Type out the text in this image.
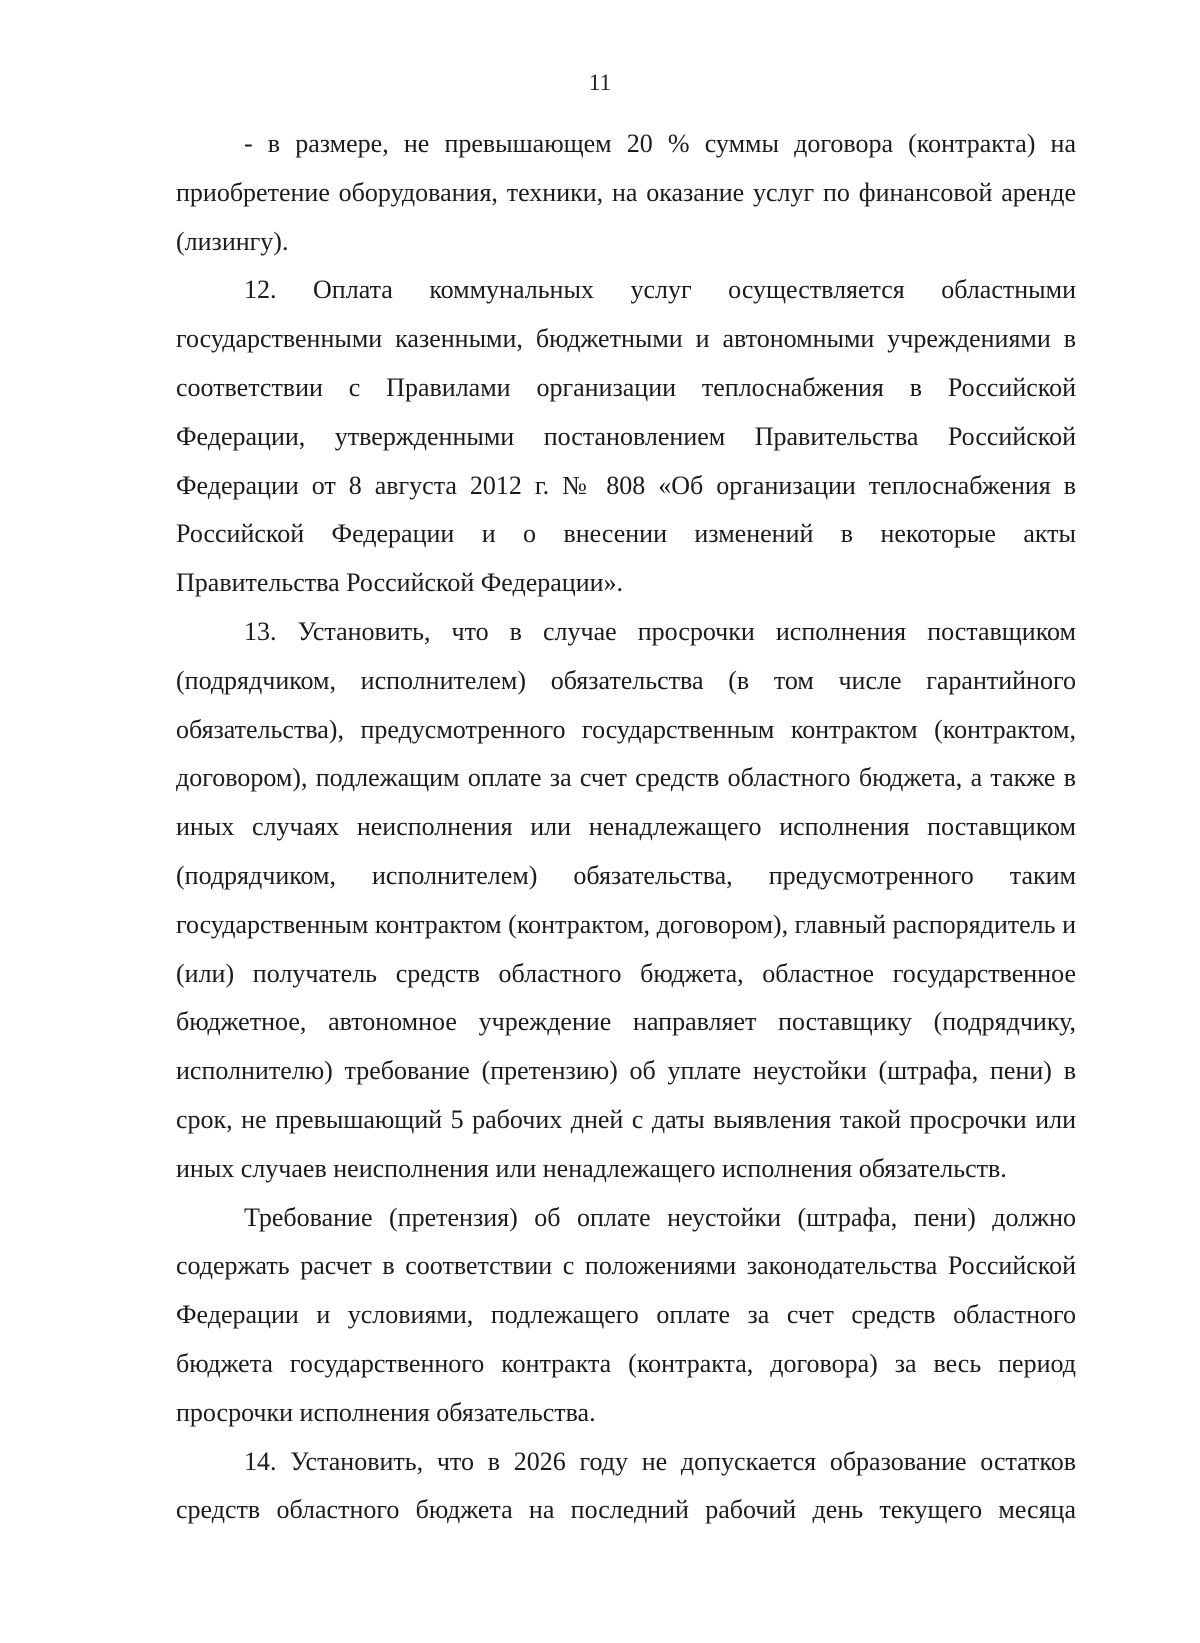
11

- в размере, не превышающем 20 % суммы договора (контракта) на приобретение оборудования, техники, на оказание услуг по финансовой аренде (лизингу).

12. Оплата коммунальных услуг осуществляется областными государственными казенными, бюджетными и автономными учреждениями в соответствии с Правилами организации теплоснабжения в Российской Федерации, утвержденными постановлением Правительства Российской Федерации от 8 августа 2012 г. № 808 «Об организации теплоснабжения в Российской Федерации и о внесении изменений в некоторые акты Правительства Российской Федерации».

13. Установить, что в случае просрочки исполнения поставщиком (подрядчиком, исполнителем) обязательства (в том числе гарантийного обязательства), предусмотренного государственным контрактом (контрактом, договором), подлежащим оплате за счет средств областного бюджета, а также в иных случаях неисполнения или ненадлежащего исполнения поставщиком (подрядчиком, исполнителем) обязательства, предусмотренного таким государственным контрактом (контрактом, договором), главный распорядитель и (или) получатель средств областного бюджета, областное государственное бюджетное, автономное учреждение направляет поставщику (подрядчику, исполнителю) требование (претензию) об уплате неустойки (штрафа, пени) в срок, не превышающий 5 рабочих дней с даты выявления такой просрочки или иных случаев неисполнения или ненадлежащего исполнения обязательств.

Требование (претензия) об оплате неустойки (штрафа, пени) должно содержать расчет в соответствии с положениями законодательства Российской Федерации и условиями, подлежащего оплате за счет средств областного бюджета государственного контракта (контракта, договора) за весь период просрочки исполнения обязательства.

14. Установить, что в 2026 году не допускается образование остатков средств областного бюджета на последний рабочий день текущего месяца
